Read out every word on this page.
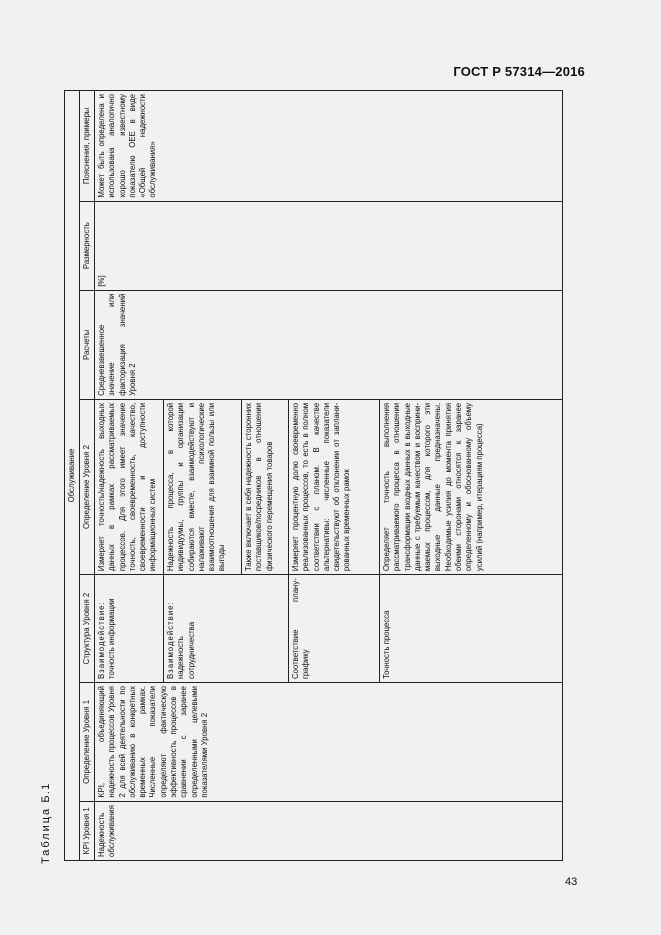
ГОСТ Р 57314—2016
Таблица Б.1
Обслуживание						
KPI Уровня 1	Определение Уровня 1	Структура Уровня 2	Определение Уровня 2	Расчеты	Размерность	Пояснения, примеры
Надежность обслуживания	KPI, объединяющий надежность процессов Уровня 2 для всей деятельности по обслуживанию в конкретных временных рамках. Численные показатели определяют фактическую эффективность процессов в сравнении с заранее определенными целевыми показателями Уровня 2	Взаимодействие: точность информации	Измеряет точность/надежность выходных данных в рамках рассматриваемых процессов. Для этого имеет значение точность, своевременность, качество, своевременности и доступности информационных систем	Средневзвешенное значение или факторизация значений Уровня 2	[%]	Может быть определена и использована аналогично хорошо известному показателю OEE в виде «Общей надежности обслуживания»
		Взаимодействие: надежность сотрудничества	Надежность процесса, в которой индивидуумы, группы и организации собираются вместе, взаимодействуют и налаживают психологические взаимоотношения для взаимной пользы или выгоды			
			Также включает в себя надежность сторонних поставщиков/посредников в отношении физического перемещения товаров			
		Соответствие плану-графику	Измеряет процентную долю своевременно реализованных процессов, то есть в полном соответствии с планом. В качестве альтернативы: численные показатели свидетельствуют об отклонении от запланированных временных рамок			
		Точность процесса	Определяет точность выполнения рассматриваемого процесса в отношении трансформации входных данных в выходные данные с требуемым качеством и воспринимаемых процессом, для которого эти выходные данные предназначены. Необходимые усилия до момента принятия обеими сторонами относятся к заранее определенному и обоснованному объему усилий (например, итерациям процесса)			
43
